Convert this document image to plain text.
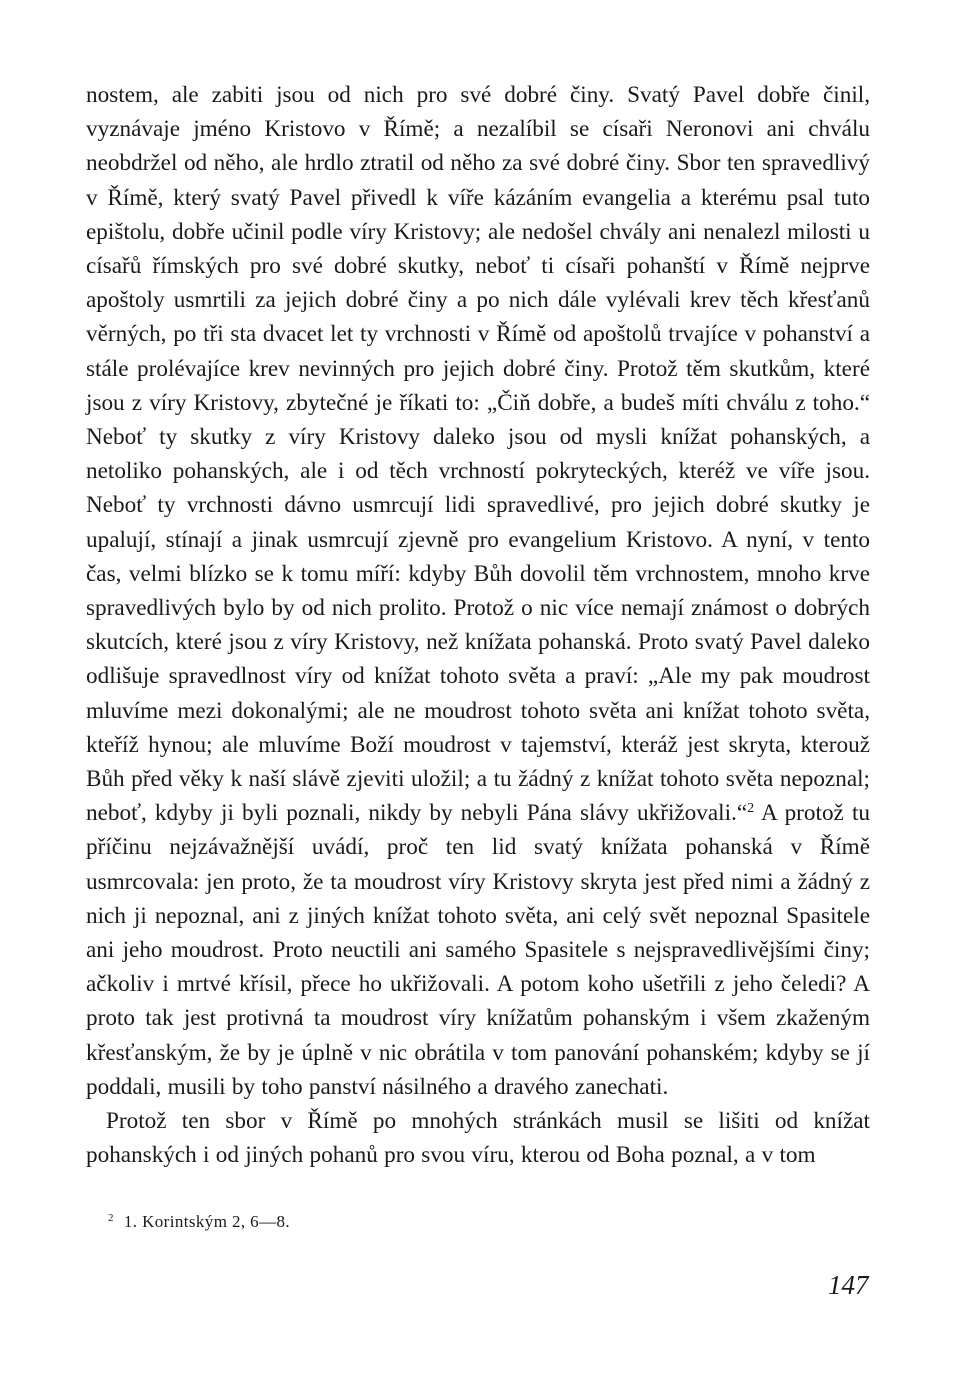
nostem, ale zabiti jsou od nich pro své dobré činy. Svatý Pavel dobře činil, vyznávaje jméno Kristovo v Římě; a nezalíbil se císaři Neronovi ani chválu neobdržel od něho, ale hrdlo ztratil od něho za své dobré činy. Sbor ten spravedlivý v Římě, který svatý Pavel přivedl k víře kázáním evangelia a kterému psal tuto epištolu, dobře učinil podle víry Kristovy; ale nedošel chvály ani nenalezl milosti u císařů římských pro své dobré skutky, neboť ti císaři pohanští v Římě nejprve apoštoly usmrtili za jejich dobré činy a po nich dále vylévali krev těch křesťanů věrných, po tři sta dvacet let ty vrchnosti v Římě od apoštolů trvajíce v pohanství a stále prolévajíce krev nevinných pro jejich dobré činy. Protož těm skutkům, které jsou z víry Kristovy, zbytečné je říkati to: „Čiň dobře, a budeš míti chválu z toho.“ Neboť ty skutky z víry Kristovy daleko jsou od mysli knížat pohanských, a netoliko pohanských, ale i od těch vrchností pokryteckých, kteréž ve víře jsou. Neboť ty vrchnosti dávno usmrcují lidi spravedlivé, pro jejich dobré skutky je upalují, stínají a jinak usmrcují zjevně pro evangelium Kristovo. A nyní, v tento čas, velmi blízko se k tomu míří: kdyby Bůh dovolil těm vrchnostem, mnoho krve spravedlivých bylo by od nich prolito. Protož o nic více nemají známost o dobrých skutcích, které jsou z víry Kristovy, než knížata pohanská. Proto svatý Pavel daleko odlišuje spravedlnost víry od knížat tohoto světa a praví: „Ale my pak moudrost mluvíme mezi dokonalými; ale ne moudrost tohoto světa ani knížat tohoto světa, kteříž hynou; ale mluvíme Boží moudrost v tajemství, kteráž jest skryta, kterouž Bůh před věky k naší slávě zjeviti uložil; a tu žádný z knížat tohoto světa nepoznal; neboť, kdyby ji byli poznali, nikdy by nebyli Pána slávy ukřižovali.“$^2$ A protož tu příčinu nejzávažnější uvádí, proč ten lid svatý knížata pohanská v Římě usmrcovala: jen proto, že ta moudrost víry Kristovy skryta jest před nimi a žádný z nich ji nepoznal, ani z jiných knížat tohoto světa, ani celý svět nepoznal Spasitele ani jeho moudrost. Proto neuctili ani samého Spasitele s nejspravedlivějšími činy; ačkoliv i mrtvé křísil, přece ho ukřižovali. A potom koho ušetřili z jeho čeledi? A proto tak jest protivná ta moudrost víry knížatům pohanským i všem zkaženým křesťanským, že by je úplně v nic obrátila v tom panování pohanském; kdyby se jí poddali, musili by toho panství násilného a dravého zanechati.

Protož ten sbor v Římě po mnohých stránkách musil se lišiti od knížat pohanských i od jiných pohanů pro svou víru, kterou od Boha poznal, a v tom

$^2$ 1. Korintským 2, 6—8.
147
